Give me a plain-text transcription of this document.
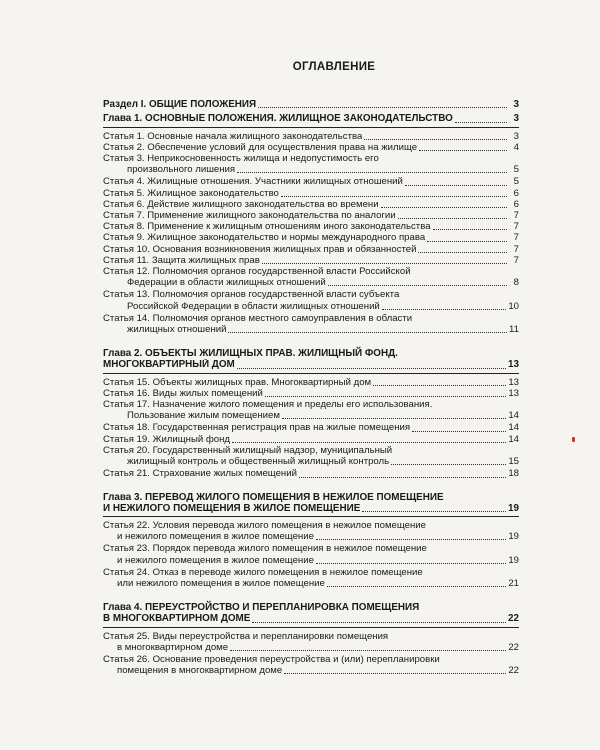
ОГЛАВЛЕНИЕ
Раздел I. ОБЩИЕ ПОЛОЖЕНИЯ	3
Глава 1. ОСНОВНЫЕ ПОЛОЖЕНИЯ. ЖИЛИЩНОЕ ЗАКОНОДАТЕЛЬСТВО	3
Статья 1. Основные начала жилищного законодательства	3
Статья 2. Обеспечение условий для осуществления права на жилище	4
Статья 3. Неприкосновенность жилища и недопустимость его
произвольного лишения	5
Статья 4. Жилищные отношения. Участники жилищных отношений	5
Статья 5. Жилищное законодательство	6
Статья 6. Действие жилищного законодательства во времени	6
Статья 7. Применение жилищного законодательства по аналогии	7
Статья 8. Применение к жилищным отношениям иного законодательства	7
Статья 9. Жилищное законодательство и нормы международного права	7
Статья 10. Основания возникновения жилищных прав и обязанностей	7
Статья 11. Защита жилищных прав	7
Статья 12. Полномочия органов государственной власти Российской
Федерации в области жилищных отношений	8
Статья 13. Полномочия органов государственной власти субъекта
Российской Федерации в области жилищных отношений	10
Статья 14. Полномочия органов местного самоуправления в области
жилищных отношений	11
Глава 2. ОБЪЕКТЫ ЖИЛИЩНЫХ ПРАВ. ЖИЛИЩНЫЙ ФОНД.
МНОГОКВАРТИРНЫЙ ДОМ	13
Статья 15. Объекты жилищных прав. Многоквартирный дом	13
Статья 16. Виды жилых помещений	13
Статья 17. Назначение жилого помещения и пределы его использования.
Пользование жилым помещением	14
Статья 18. Государственная регистрация прав на жилые помещения	14
Статья 19. Жилищный фонд	14
Статья 20. Государственный жилищный надзор, муниципальный
жилищный контроль и общественный жилищный контроль	15
Статья 21. Страхование жилых помещений	18
Глава 3. ПЕРЕВОД ЖИЛОГО ПОМЕЩЕНИЯ В НЕЖИЛОЕ ПОМЕЩЕНИЕ
И НЕЖИЛОГО ПОМЕЩЕНИЯ В ЖИЛОЕ ПОМЕЩЕНИЕ	19
Статья 22. Условия перевода жилого помещения в нежилое помещение
и нежилого помещения в жилое помещение	19
Статья 23. Порядок перевода жилого помещения в нежилое помещение
и нежилого помещения в жилое помещение	19
Статья 24. Отказ в переводе жилого помещения в нежилое помещение
или нежилого помещения в жилое помещение	21
Глава 4. ПЕРЕУСТРОЙСТВО И ПЕРЕПЛАНИРОВКА ПОМЕЩЕНИЯ
В МНОГОКВАРТИРНОМ ДОМЕ	22
Статья 25. Виды переустройства и перепланировки помещения
в многоквартирном доме	22
Статья 26. Основание проведения переустройства и (или) перепланировки
помещения в многоквартирном доме	22
